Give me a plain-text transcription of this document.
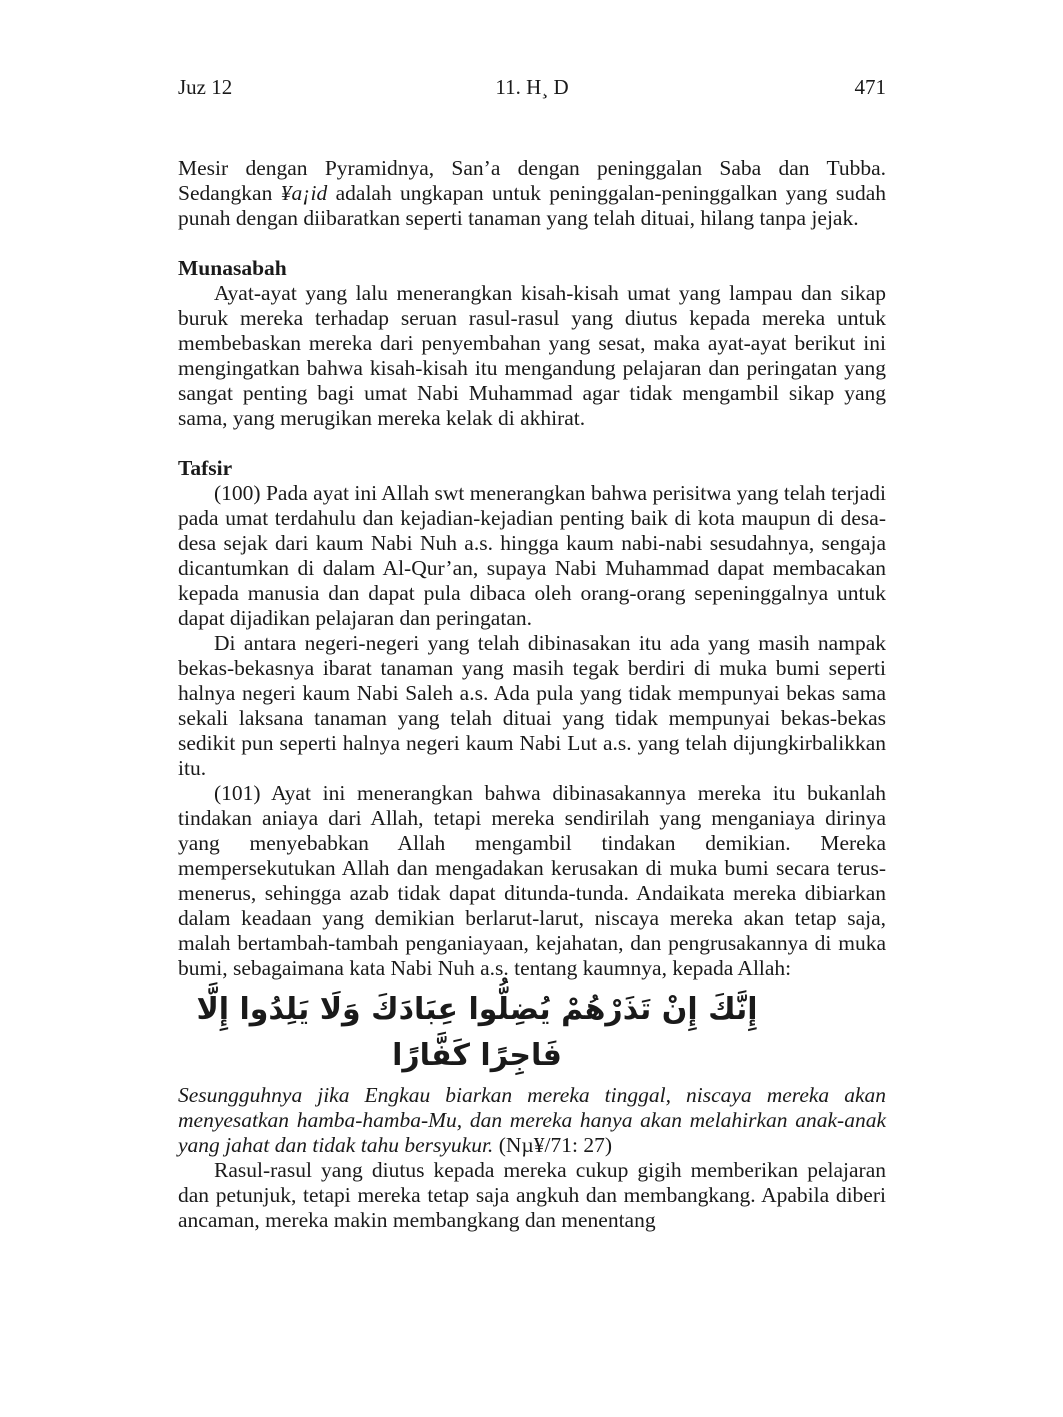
Juz 12	11. H¸ D	471

Mesir dengan Pyramidnya, San’a dengan peninggalan Saba dan Tubba. Sedangkan ¥a¡id adalah ungkapan untuk peninggalan-peninggalkan yang sudah punah dengan diibaratkan seperti tanaman yang telah dituai, hilang tanpa jejak.

Munasabah

Ayat-ayat yang lalu menerangkan kisah-kisah umat yang lampau dan sikap buruk mereka terhadap seruan rasul-rasul yang diutus kepada mereka untuk membebaskan mereka dari penyembahan yang sesat, maka ayat-ayat berikut ini mengingatkan bahwa kisah-kisah itu mengandung pelajaran dan peringatan yang sangat penting bagi umat Nabi Muhammad agar tidak mengambil sikap yang sama, yang merugikan mereka kelak di akhirat.

Tafsir

(100) Pada ayat ini Allah swt menerangkan bahwa perisitwa yang telah terjadi pada umat terdahulu dan kejadian-kejadian penting baik di kota maupun di desa-desa sejak dari kaum Nabi Nuh a.s. hingga kaum nabi-nabi sesudahnya, sengaja dicantumkan di dalam Al-Qur’an, supaya Nabi Muhammad dapat membacakan kepada manusia dan dapat pula dibaca oleh orang-orang sepeninggalnya untuk dapat dijadikan pelajaran dan peringatan.

Di antara negeri-negeri yang telah dibinasakan itu ada yang masih nampak bekas-bekasnya ibarat tanaman yang masih tegak berdiri di muka bumi seperti halnya negeri kaum Nabi Saleh a.s. Ada pula yang tidak mempunyai bekas sama sekali laksana tanaman yang telah dituai yang tidak mempunyai bekas-bekas sedikit pun seperti halnya negeri kaum Nabi Lut a.s. yang telah dijungkirbalikkan itu.

(101) Ayat ini menerangkan bahwa dibinasakannya mereka itu bukanlah tindakan aniaya dari Allah, tetapi mereka sendirilah yang menganiaya dirinya yang menyebabkan Allah mengambil tindakan demikian. Mereka mempersekutukan Allah dan mengadakan kerusakan di muka bumi secara terus-menerus, sehingga azab tidak dapat ditunda-tunda. Andaikata mereka dibiarkan dalam keadaan yang demikian berlarut-larut, niscaya mereka akan tetap saja, malah bertambah-tambah penganiayaan, kejahatan, dan pengrusakannya di muka bumi, sebagaimana kata Nabi Nuh a.s. tentang kaumnya, kepada Allah:

إِنَّكَ إِنْ تَذَرْهُمْ يُضِلُّوا عِبَادَكَ وَلَا يَلِدُوا إِلَّا فَاجِرًا كَفَّارًا

Sesungguhnya jika Engkau biarkan mereka tinggal, niscaya mereka akan menyesatkan hamba-hamba-Mu, dan mereka hanya akan melahirkan anak-anak yang jahat dan tidak tahu bersyukur. (Nµ¥/71: 27)

Rasul-rasul yang diutus kepada mereka cukup gigih memberikan pelajaran dan petunjuk, tetapi mereka tetap saja angkuh dan membangkang. Apabila diberi ancaman, mereka makin membangkang dan menentang
